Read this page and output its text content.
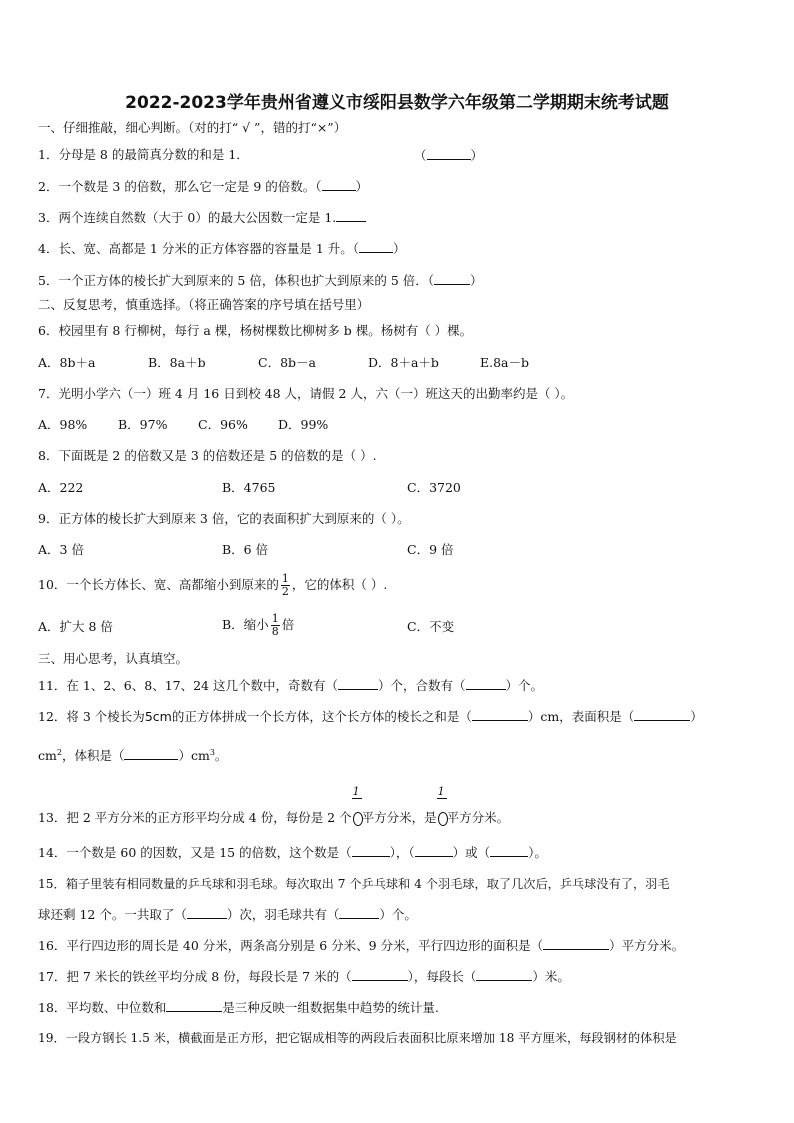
2022-2023学年贵州省遵义市绥阳县数学六年级第二学期期末统考试题
一、仔细推敲，细心判断。（对的打“ √ ”，错的打“×”）
1．分母是 8 的最简真分数的和是 1．	（	）
2．一个数是 3 的倍数，那么它一定是 9 的倍数。（	）
3．两个连续自然数（大于 0）的最大公因数一定是 1.
4．长、宽、高都是 1 分米的正方体容器的容量是 1 升。（	）
5．一个正方体的棱长扩大到原来的 5 倍，体积也扩大到原来的 5 倍．（	）
二、反复思考，慎重选择。（将正确答案的序号填在括号里）
6．校园里有 8 行柳树，每行 a 棵，杨树棵数比柳树多 b 棵。杨树有（ ）棵。
A．8b＋a	B．8a＋b	C．8b－a	D．8＋a＋b	E.8a－b
7．光明小学六（一）班 4 月 16 日到校 48 人，请假 2 人，六（一）班这天的出勤率约是（ ）。
A．98% B．97% C．96% D．99%
8．下面既是 2 的倍数又是 3 的倍数还是 5 的倍数的是（ ）.
A．222	B．4765	C．3720
9．正方体的棱长扩大到原来 3 倍，它的表面积扩大到原来的（ ）。
A．3 倍	B．6 倍	C．9 倍
10．一个长方体长、宽、高都缩小到原来的 $\frac{1}{2}$ ，它的体积（ ）.
A．扩大 8 倍	B．缩小 $\frac{1}{8}$ 倍	C．不变
三、用心思考，认真填空。
11．在 1、2、6、8、17、24 这几个数中，奇数有（	）个，合数有（	）个。
12．将 3 个棱长为5cm的正方体拼成一个长方体，这个长方体的棱长之和是（	）cm，表面积是（	）
$cm^2$，体积是（	）$cm^3$。
13．把 2 平方分米的正方形平均分成 4 份，每份是 2 个
1
平方分米，是
1
平方分米。
14．一个数是 60 的因数，又是 15 的倍数，这个数是（	），（	）或（	）。
15．箱子里装有相同数量的乒乓球和羽毛球。每次取出 7 个乒乓球和 4 个羽毛球，取了几次后，乒乓球没有了，羽毛
球还剩 12 个。一共取了（	）次，羽毛球共有（	）个。
16．平行四边形的周长是 40 分米，两条高分别是 6 分米、9 分米，平行四边形的面积是（	）平方分米。
17．把 7 米长的铁丝平均分成 8 份，每段长是 7 米的（	），每段长（	）米。
18．平均数、中位数和	是三种反映一组数据集中趋势的统计量.
19．一段方钢长 1.5 米，横截面是正方形，把它锯成相等的两段后表面积比原来增加 18 平方厘米，每段钢材的体积是
